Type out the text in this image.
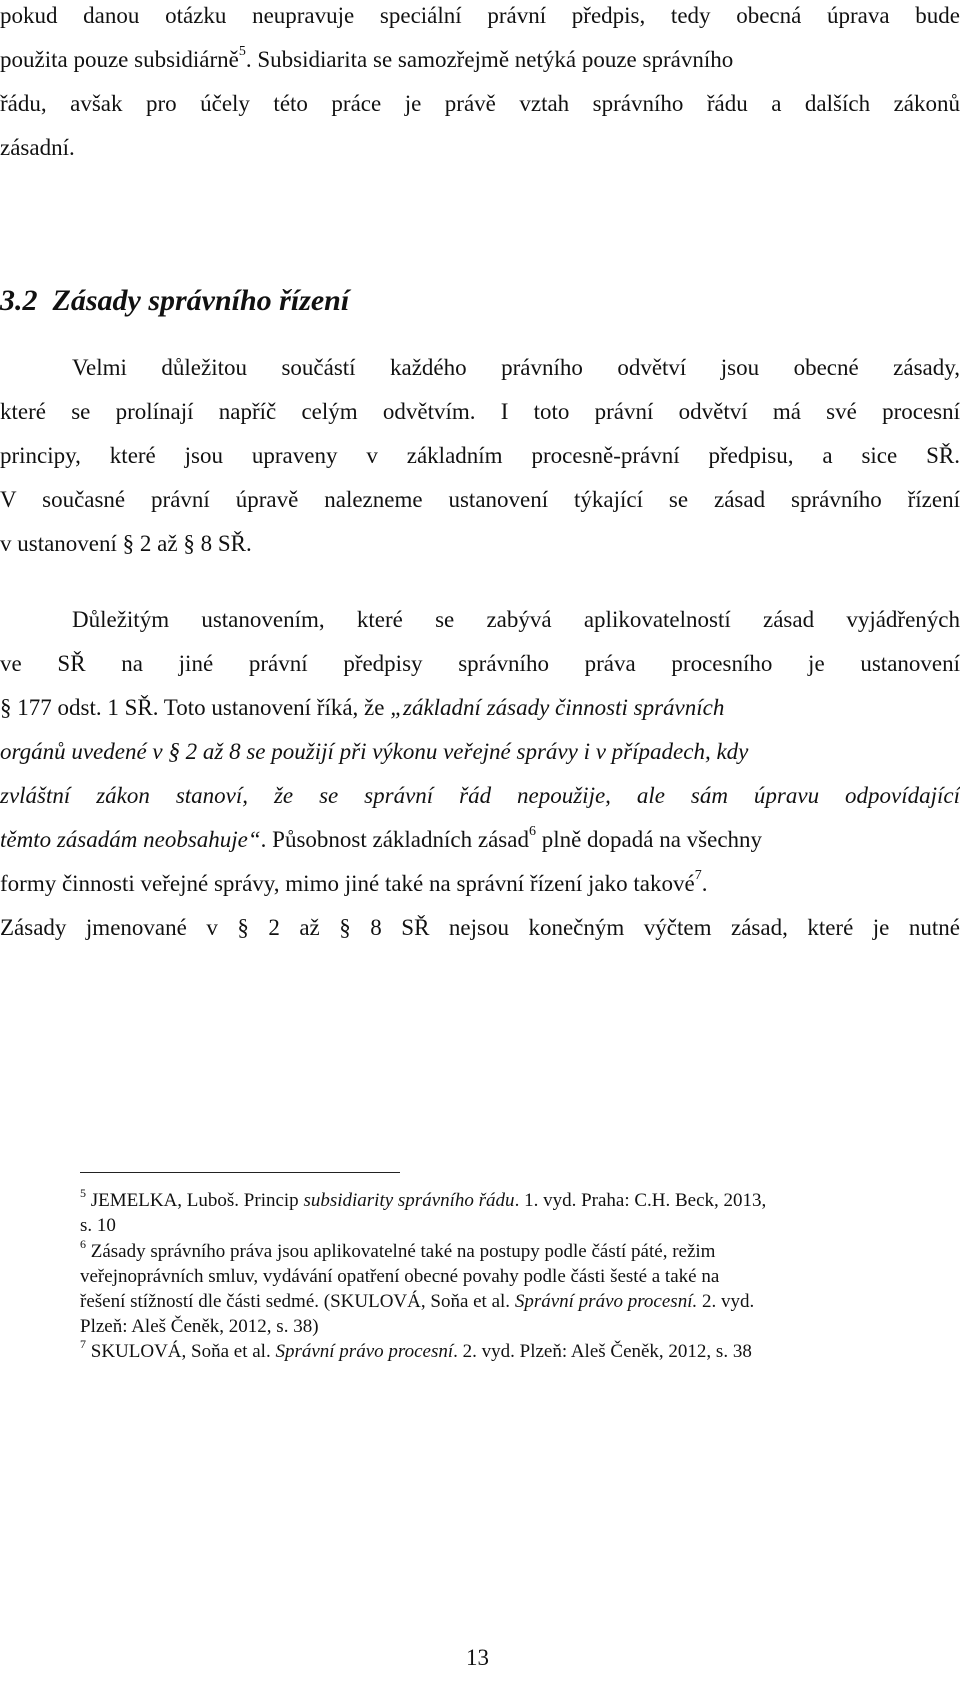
pokud danou otázku neupravuje speciální právní předpis, tedy obecná úprava bude
použita pouze subsidiárně$^5$. Subsidiarita se samozřejmě netýká pouze správního
řádu, avšak pro účely této práce je právě vztah správního řádu a dalších zákonů
zásadní.
3.2 Zásady správního řízení
Velmi důležitou součástí každého právního odvětví jsou obecné zásady,
které se prolínají napříč celým odvětvím. I toto právní odvětví má své procesní
principy, které jsou upraveny v základním procesně-právní předpisu, a sice SŘ.
V současné právní úpravě nalezneme ustanovení týkající se zásad správního řízení
v ustanovení § 2 až § 8 SŘ.
Důležitým ustanovením, které se zabývá aplikovatelností zásad vyjádřených
ve SŘ na jiné právní předpisy správního práva procesního je ustanovení
§ 177 odst. 1 SŘ. Toto ustanovení říká, že „základní zásady činnosti správních
orgánů uvedené v § 2 až 8 se použijí při výkonu veřejné správy i v případech, kdy
zvláštní zákon stanoví, že se správní řád nepoužije, ale sám úpravu odpovídající
těmto zásadám neobsahuje“. Působnost základních zásad$^6$ plně dopadá na všechny
formy činnosti veřejné správy, mimo jiné také na správní řízení jako takové$^7$.
Zásady jmenované v § 2 až § 8 SŘ nejsou konečným výčtem zásad, které je nutné
$^5$ JEMELKA, Luboš. Princip subsidiarity správního řádu. 1. vyd. Praha: C.H. Beck, 2013,
s. 10
$^6$ Zásady správního práva jsou aplikovatelné také na postupy podle částí páté, režim
veřejnoprávních smluv, vydávání opatření obecné povahy podle části šesté a také na
řešení stížností dle části sedmé. (SKULOVÁ, Soňa et al. Správní právo procesní. 2. vyd.
Plzeň: Aleš Čeněk, 2012, s. 38)
$^7$ SKULOVÁ, Soňa et al. Správní právo procesní. 2. vyd. Plzeň: Aleš Čeněk, 2012, s. 38
13
